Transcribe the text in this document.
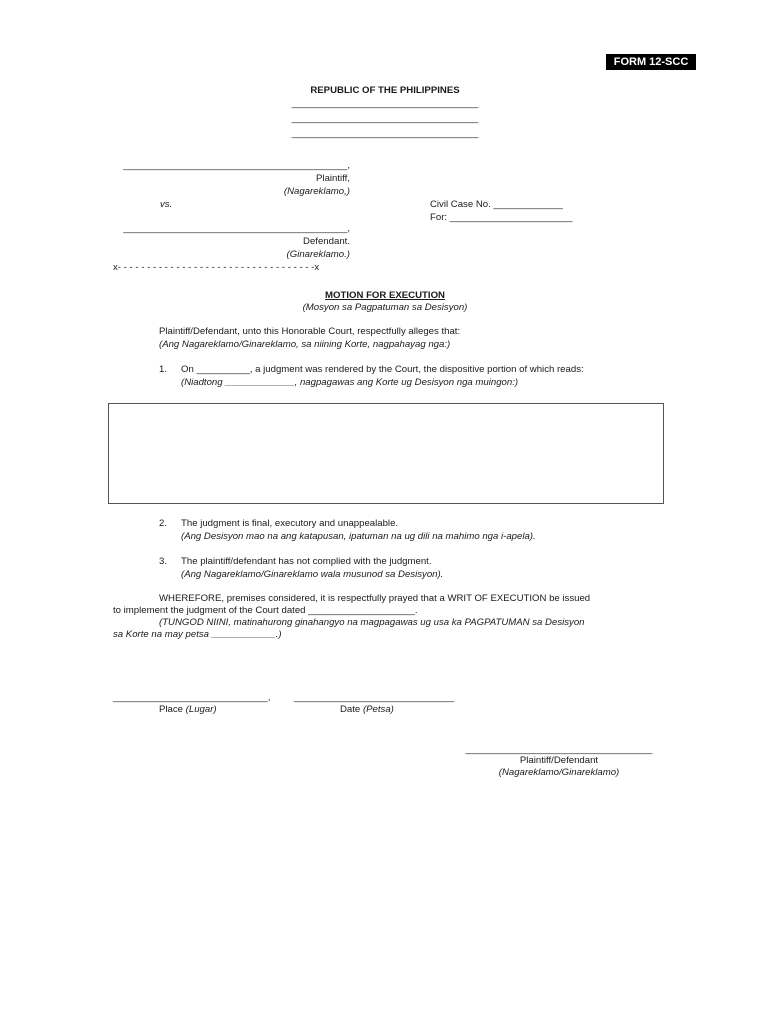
FORM 12-SCC
REPUBLIC OF THE PHILIPPINES
___________________________________
___________________________________
___________________________________
__________________________________________,
Plaintiff,
(Nagareklamo,)
vs.	Civil Case No. _____________
For: _______________________
__________________________________________,
Defendant.
(Ginareklamo.)
x- - - - - - - - - - - - - - - - - - - - - - - - - - - - - - - - - -x
MOTION FOR EXECUTION
(Mosyon sa Pagpatuman sa Desisyon)
Plaintiff/Defendant, unto this Honorable Court, respectfully alleges that:
(Ang Nagareklamo/Ginareklamo, sa niining Korte, nagpahayag nga:)
1. On __________, a judgment was rendered by the Court, the dispositive portion of which reads:
(Niadtong _____________, nagpagawas ang Korte ug Desisyon nga muingon:)
2. The judgment is final, executory and unappealable.
(Ang Desisyon mao na ang katapusan, ipatuman na ug dili na mahimo nga i-apela).
3. The plaintiff/defendant has not complied with the judgment.
(Ang Nagareklamo/Ginareklamo wala musunod sa Desisyon).
WHEREFORE, premises considered, it is respectfully prayed that a WRIT OF EXECUTION be issued
to implement the judgment of the Court dated ____________________.
(TUNGOD NIINI, matinahurong ginahangyo na magpagawas ug usa ka PAGPATUMAN sa Desisyon
sa Korte na may petsa ____________.)
_____________________________,
Place (Lugar)
______________________________
Date (Petsa)
___________________________________
Plaintiff/Defendant
(Nagareklamo/Ginareklamo)
